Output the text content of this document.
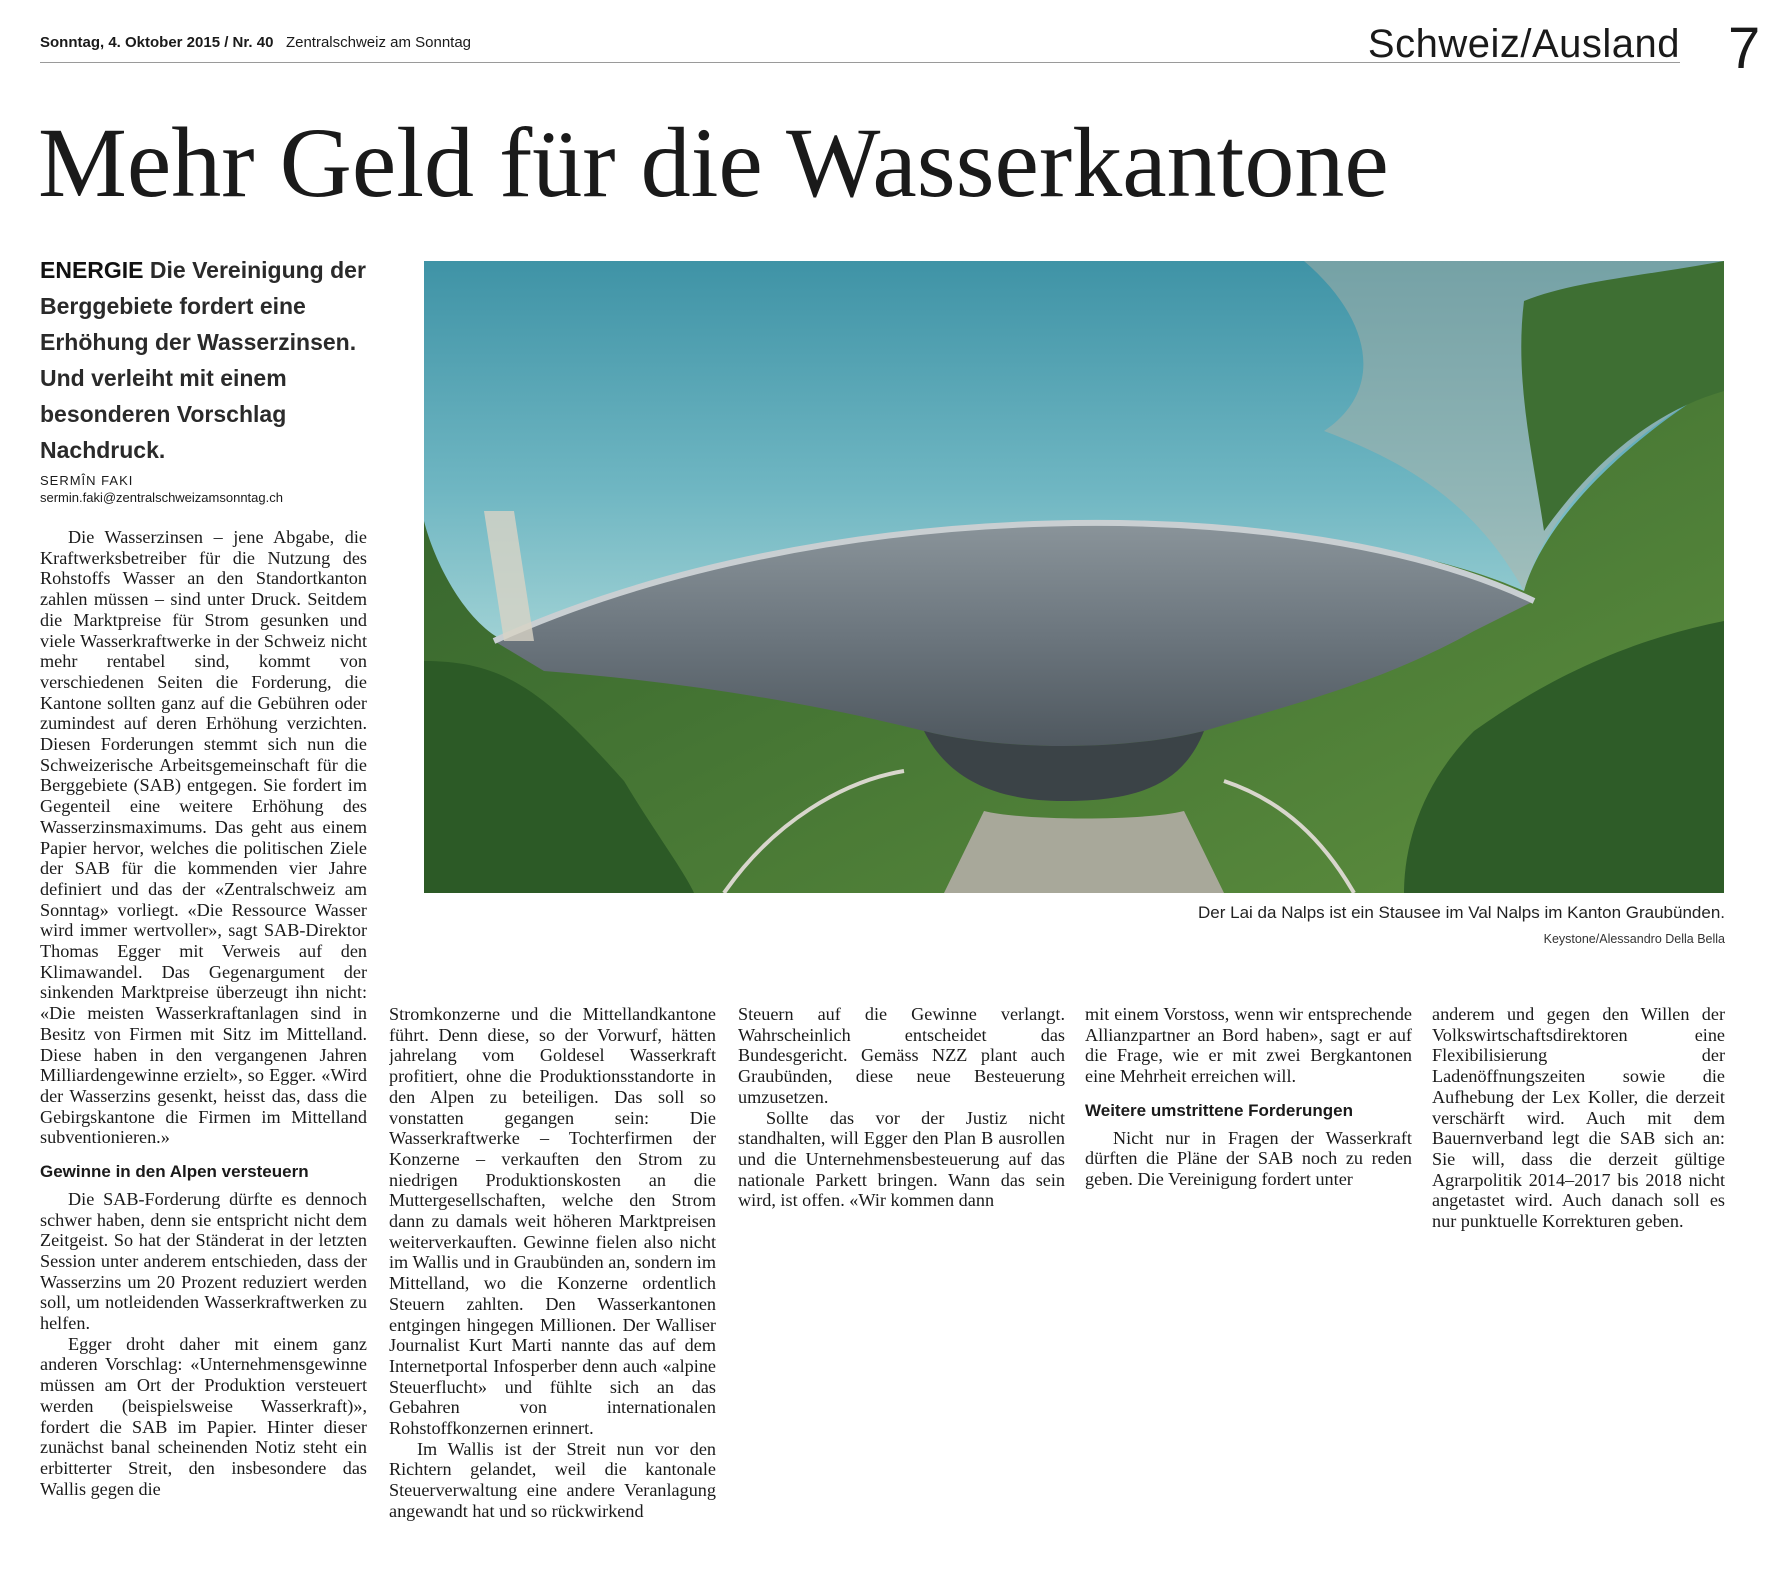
Sonntag, 4. Oktober 2015 / Nr. 40 Zentralschweiz am Sonntag	Schweiz/Ausland 7
Mehr Geld für die Wasserkantone
ENERGIE Die Vereinigung der Berggebiete fordert eine Erhöhung der Wasserzinsen. Und verleiht mit einem besonderen Vorschlag Nachdruck.
SERMÎN FAKI
sermin.faki@zentralschweizamsonntag.ch

Die Wasserzinsen – jene Abgabe, die Kraftwerksbetreiber für die Nutzung des Rohstoffs Wasser an den Standortkanton zahlen müssen – sind unter Druck. Seitdem die Marktpreise für Strom gesunken und viele Wasserkraftwerke in der Schweiz nicht mehr rentabel sind, kommt von verschiedenen Seiten die Forderung, die Kantone sollten ganz auf die Gebühren oder zumindest auf deren Erhöhung verzichten. Diesen Forderungen stemmt sich nun die Schweizerische Arbeitsgemeinschaft für die Berggebiete (SAB) entgegen. Sie fordert im Gegenteil eine weitere Erhöhung des Wasserzinsmaximums. Das geht aus einem Papier hervor, welches die politischen Ziele der SAB für die kommenden vier Jahre definiert und das der «Zentralschweiz am Sonntag» vorliegt. «Die Ressource Wasser wird immer wertvoller», sagt SAB-Direktor Thomas Egger mit Verweis auf den Klimawandel. Das Gegenargument der sinkenden Marktpreise überzeugt ihn nicht: «Die meisten Wasserkraftanlagen sind in Besitz von Firmen mit Sitz im Mittelland. Diese haben in den vergangenen Jahren Milliardengewinne erzielt», so Egger. «Wird der Wasserzins gesenkt, heisst das, dass die Gebirgskantone die Firmen im Mittelland subventionieren.»

Gewinne in den Alpen versteuern

Die SAB-Forderung dürfte es dennoch schwer haben, denn sie entspricht nicht dem Zeitgeist. So hat der Ständerat in der letzten Session unter anderem entschieden, dass der Wasserzins um 20 Prozent reduziert werden soll, um notleidenden Wasserkraftwerken zu helfen.

Egger droht daher mit einem ganz anderen Vorschlag: «Unternehmensgewinne müssen am Ort der Produktion versteuert werden (beispielsweise Wasserkraft)», fordert die SAB im Papier. Hinter dieser zunächst banal scheinenden Notiz steht ein erbitterter Streit, den insbesondere das Wallis gegen die

Stromkonzerne und die Mittellandkantone führt. Denn diese, so der Vorwurf, hätten jahrelang vom Goldesel Wasserkraft profitiert, ohne die Produktionsstandorte in den Alpen zu beteiligen. Das soll so vonstatten gegangen sein: Die Wasserkraftwerke – Tochterfirmen der Konzerne – verkauften den Strom zu niedrigen Produktionskosten an die Muttergesellschaften, welche den Strom dann zu damals weit höheren Marktpreisen weiterverkauften. Gewinne fielen also nicht im Wallis und in Graubünden an, sondern im Mittelland, wo die Konzerne ordentlich Steuern zahlten. Den Wasserkantonen entgingen hingegen Millionen. Der Walliser Journalist Kurt Marti nannte das auf dem Internetportal Infosperber denn auch «alpine Steuerflucht» und fühlte sich an das Gebahren von internationalen Rohstoffkonzernen erinnert.

Im Wallis ist der Streit nun vor den Richtern gelandet, weil die kantonale Steuerverwaltung eine andere Veranlagung angewandt hat und so rückwirkend

Steuern auf die Gewinne verlangt. Wahrscheinlich entscheidet das Bundesgericht. Gemäss NZZ plant auch Graubünden, diese neue Besteuerung umzusetzen.

Sollte das vor der Justiz nicht standhalten, will Egger den Plan B ausrollen und die Unternehmensbesteuerung auf das nationale Parkett bringen. Wann das sein wird, ist offen. «Wir kommen dann

mit einem Vorstoss, wenn wir entsprechende Allianzpartner an Bord haben», sagt er auf die Frage, wie er mit zwei Bergkantonen eine Mehrheit erreichen will.

Weitere umstrittene Forderungen

Nicht nur in Fragen der Wasserkraft dürften die Pläne der SAB noch zu reden geben. Die Vereinigung fordert unter

anderem und gegen den Willen der Volkswirtschaftsdirektoren eine Flexibilisierung der Ladenöffnungszeiten sowie die Aufhebung der Lex Koller, die derzeit verschärft wird. Auch mit dem Bauernverband legt die SAB sich an: Sie will, dass die derzeit gültige Agrarpolitik 2014–2017 bis 2018 nicht angetastet wird. Auch danach soll es nur punktuelle Korrekturen geben.

Der Lai da Nalps ist ein Stausee im Val Nalps im Kanton Graubünden.
Keystone/Alessandro Della Bella
